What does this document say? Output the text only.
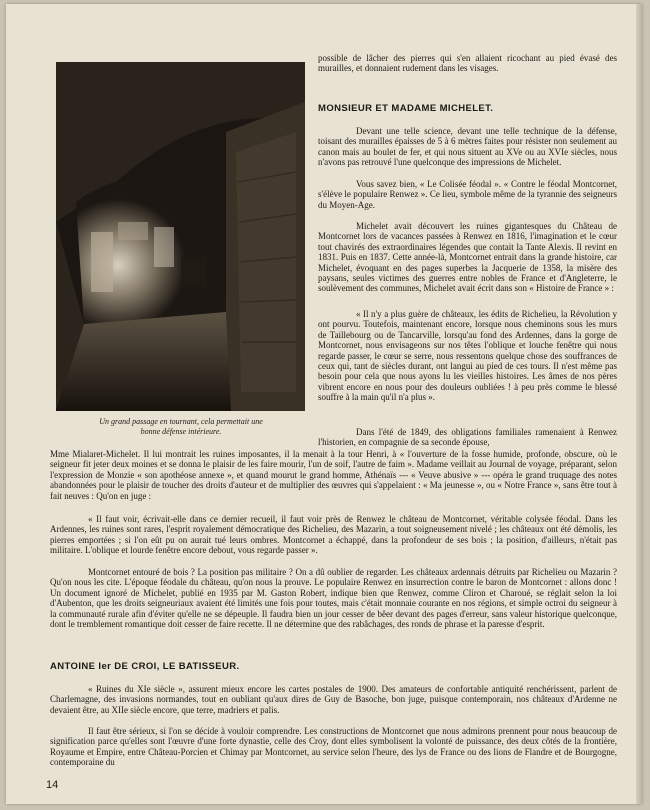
Un grand passage en tournant, cela permettait une
bonne défense intérieure.

possible de lâcher des pierres qui s'en allaient ricochant au pied évasé des murailles, et donnaient rudement dans les visages.

MONSIEUR ET MADAME MICHELET.

Devant une telle science, devant une telle technique de la défense, toisant des murailles épaisses de 5 à 6 mètres faites pour résister non seulement au canon mais au boulet de fer, et qui nous situent au XVe ou au XVIe siècles, nous n'avons pas retrouvé l'une quelconque des impressions de Michelet.

Vous savez bien, « Le Colisée féodal ». « Contre le féodal Montcornet, s'élève le populaire Renwez ». Ce lieu, symbole même de la tyrannie des seigneurs du Moyen-Age.

Michelet avait découvert les ruines gigantesques du Château de Montcornet lors de vacances passées à Renwez en 1816, l'imagination et le cœur tout chavirés des extraordinaires légendes que contait la Tante Alexis. Il revint en 1831. Puis en 1837. Cette année-là, Montcornet entrait dans la grande histoire, car Michelet, évoquant en des pages superbes la Jacquerie de 1358, la misère des paysans, seules victimes des guerres entre nobles de France et d'Angleterre, le soulèvement des communes, Michelet avait écrit dans son « Histoire de France » :

« Il n'y a plus guère de châteaux, les édits de Richelieu, la Révolution y ont pourvu. Toutefois, maintenant encore, lorsque nous cheminons sous les murs de Taillebourg ou de Tancarville, lorsqu'au fond des Ardennes, dans la gorge de Montcornet, nous envisageons sur nos têtes l'oblique et louche fenêtre qui nous regarde passer, le cœur se serre, nous ressentons quelque chose des souffrances de ceux qui, tant de siècles durant, ont langui au pied de ces tours. Il n'est même pas besoin pour cela que nous ayons lu les vieilles histoires. Les âmes de nos pères vibrent encore en nous pour des douleurs oubliées ! à peu près comme le blessé souffre à la main qu'il n'a plus ».

Dans l'été de 1849, des obligations familiales ramenaient à Renwez l'historien, en compagnie de sa seconde épouse,

Mme Mialaret-Michelet. Il lui montrait les ruines imposantes, il la menait à la tour Henri, à « l'ouverture de la fosse humide, profonde, obscure, où le seigneur fit jeter deux moines et se donna le plaisir de les faire mourir, l'un de soif, l'autre de faim ». Madame veillait au Journal de voyage, préparant, selon l'expression de Monzie « son apothéose annexe », et quand mourut le grand homme, Athénaïs --- « Veuve abusive » --- opéra le grand truquage des notes abandonnées pour le plaisir de toucher des droits d'auteur et de multiplier des œuvres qui s'appelaient : « Ma jeunesse », ou « Notre France », sans être tout à fait neuves : Qu'on en juge :

« Il faut voir, écrivait-elle dans ce dernier recueil, il faut voir près de Renwez le château de Montcornet, véritable colysée féodal. Dans les Ardennes, les ruines sont rares, l'esprit royalement démocratique des Richelieu, des Mazarin, a tout soigneusement nivelé ; les châteaux ont été démolis, les pierres emportées ; si l'on eût pu on aurait tué leurs ombres. Montcornet a échappé, dans la profondeur de ses bois ; la position, d'ailleurs, n'était pas militaire. L'oblique et lourde fenêtre encore debout, vous regarde passer ».

Montcornet entouré de bois ? La position pas militaire ? On a dû oublier de regarder. Les châteaux ardennais détruits par Richelieu ou Mazarin ? Qu'on nous les cite. L'époque féodale du château, qu'on nous la prouve. Le populaire Renwez en insurrection contre le baron de Montcornet : allons donc ! Un document ignoré de Michelet, publié en 1935 par M. Gaston Robert, indique bien que Renwez, comme Cliron et Charoué, se réglait selon la loi d'Aubenton, que les droits seigneuriaux avaient été limités une fois pour toutes, mais c'était monnaie courante en nos régions, et simple octroi du seigneur à la communauté rurale afin d'éviter qu'elle ne se dépeuple. Il faudra bien un jour cesser de bêer devant des pages d'erreur, sans valeur historique quelconque, dont le tremblement romantique doit cesser de faire recette. Il ne détermine que des rabâchages, des ronds de phrase et la paresse d'esprit.

ANTOINE Ier DE CROI, LE BATISSEUR.

« Ruines du XIe siècle », assurent mieux encore les cartes postales de 1900. Des amateurs de confortable antiquité renchérissent, parlent de Charlemagne, des invasions normandes, tout en oubliant qu'aux dires de Guy de Basoche, bon juge, puisque contemporain, nos châteaux d'Ardenne ne devaient être, au XIIe siècle encore, que terre, madriers et palis.

Il faut être sérieux, si l'on se décide à vouloir comprendre. Les constructions de Montcornet que nous admirons prennent pour nous beaucoup de signification parce qu'elles sont l'œuvre d'une forte dynastie, celle des Croy, dont elles symbolisent la volonté de puissance, des deux côtés de la frontière, Royaume et Empire, entre Château-Porcien et Chimay par Montcornet, au service selon l'heure, des lys de France ou des lions de Flandre et de Bourgogne, contemporaine du

14
